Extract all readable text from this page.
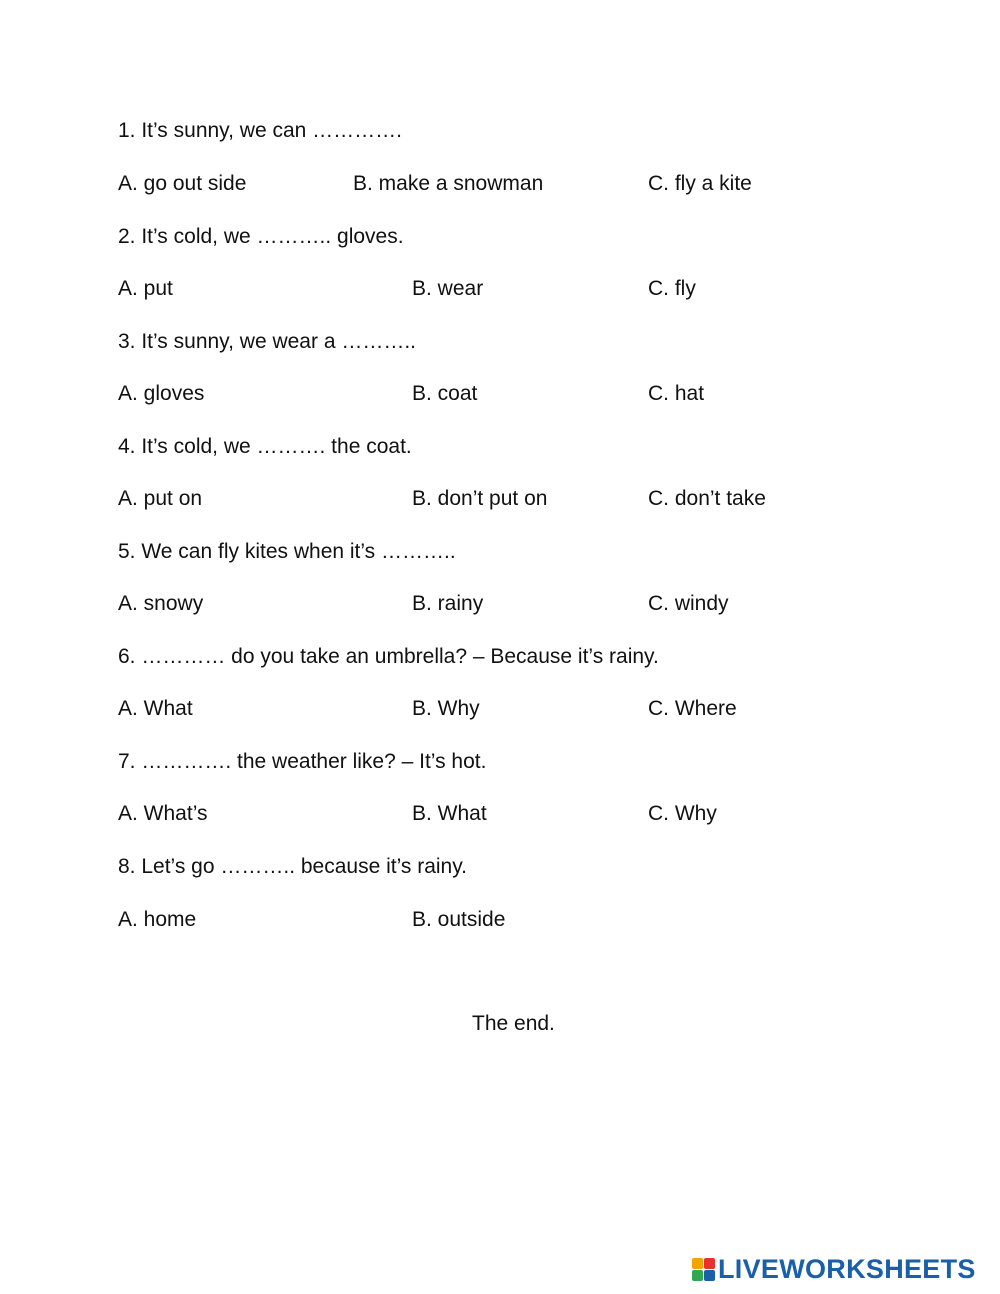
1. It’s sunny, we can ………….
A. go out side	B. make a snowman	C. fly a kite
2. It’s cold, we ……….. gloves.
A. put	B. wear	C. fly
3. It’s sunny, we wear a ………..
A. gloves	B. coat	C. hat
4. It’s cold, we ………. the coat.
A. put on	B. don’t put on	C. don’t take
5. We can fly kites when it’s ………..
A. snowy	B. rainy	C. windy
6. ………… do you take an umbrella? – Because it’s rainy.
A. What	B. Why	C. Where
7. …………. the weather like? – It’s hot.
A. What’s	B. What	C. Why
8. Let’s go ……….. because it’s rainy.
A. home	B. outside
The end.
LIVEWORKSHEETS
